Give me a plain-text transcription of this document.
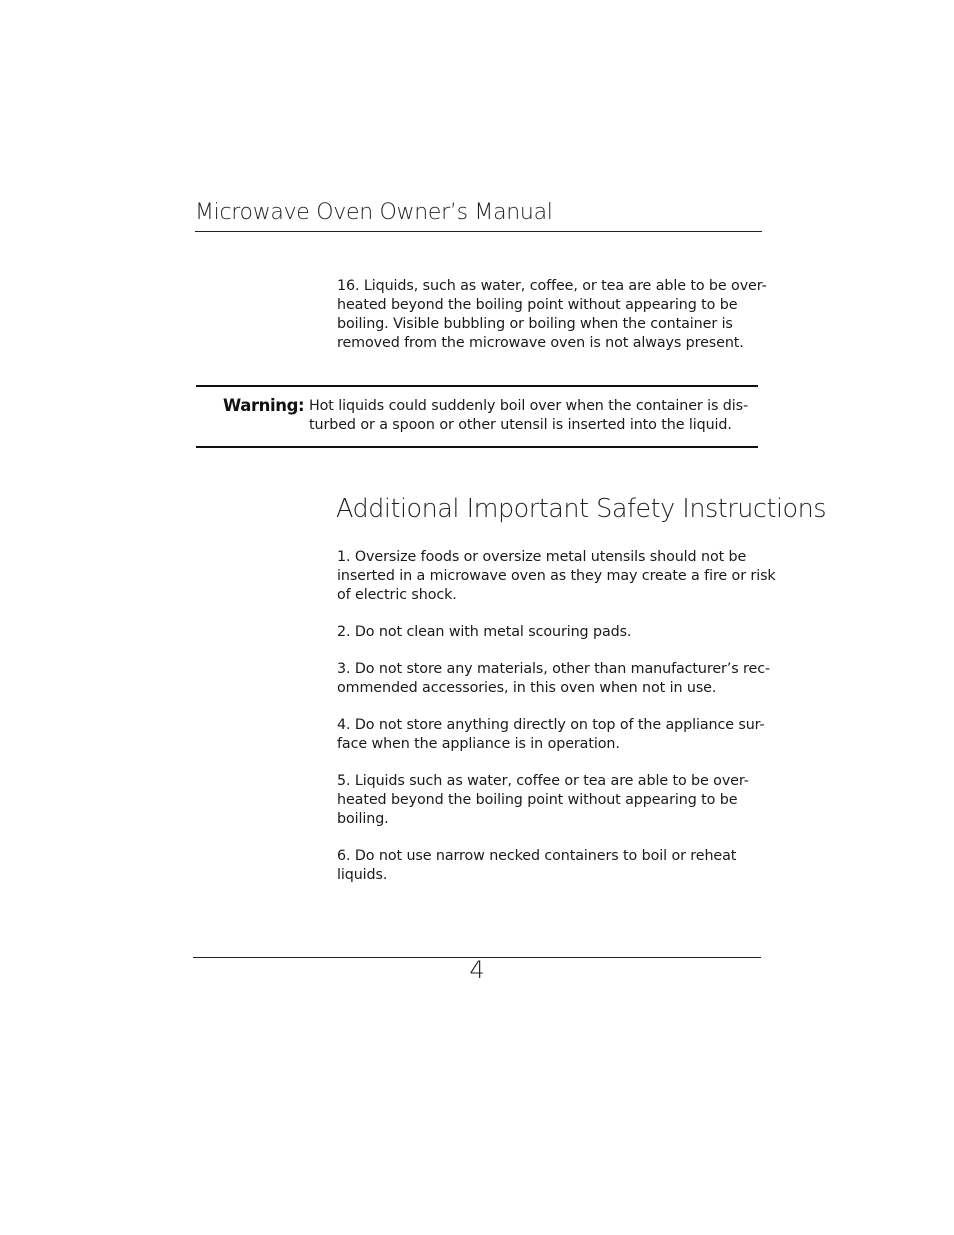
Microwave Oven Owner’s Manual
16. Liquids, such as water, coffee, or tea are able to be over-
heated beyond the boiling point without appearing to be
boiling. Visible bubbling or boiling when the container is
removed from the microwave oven is not always present.
Warning: Hot liquids could suddenly boil over when the container is dis-
turbed or a spoon or other utensil is inserted into the liquid.
Additional Important Safety Instructions
1. Oversize foods or oversize metal utensils should not be
inserted in a microwave oven as they may create a fire or risk
of electric shock.
2. Do not clean with metal scouring pads.
3. Do not store any materials, other than manufacturer’s rec-
ommended accessories, in this oven when not in use.
4. Do not store anything directly on top of the appliance sur-
face when the appliance is in operation.
5. Liquids such as water, coffee or tea are able to be over-
heated beyond the boiling point without appearing to be
boiling.
6. Do not use narrow necked containers to boil or reheat
liquids.
4
